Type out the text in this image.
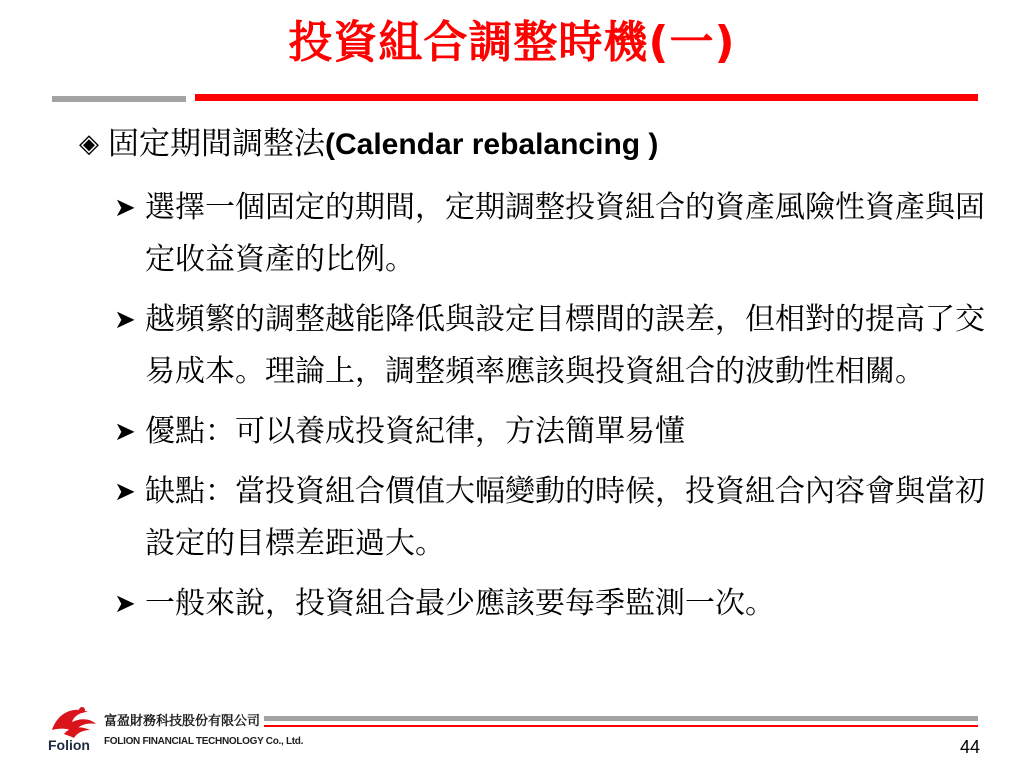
投資組合調整時機(一)
◈ 固定期間調整法(Calendar rebalancing )
➤ 選擇一個固定的期間，定期調整投資組合的資產風險性資產與固定收益資產的比例。
➤ 越頻繁的調整越能降低與設定目標間的誤差，但相對的提高了交易成本。理論上，調整頻率應該與投資組合的波動性相關。
➤ 優點：可以養成投資紀律，方法簡單易懂
➤ 缺點：當投資組合價值大幅變動的時候，投資組合內容會與當初設定的目標差距過大。
➤ 一般來說，投資組合最少應該要每季監測一次。
Folion
富盈財務科技股份有限公司
FOLION FINANCIAL TECHNOLOGY Co., Ltd.	44
